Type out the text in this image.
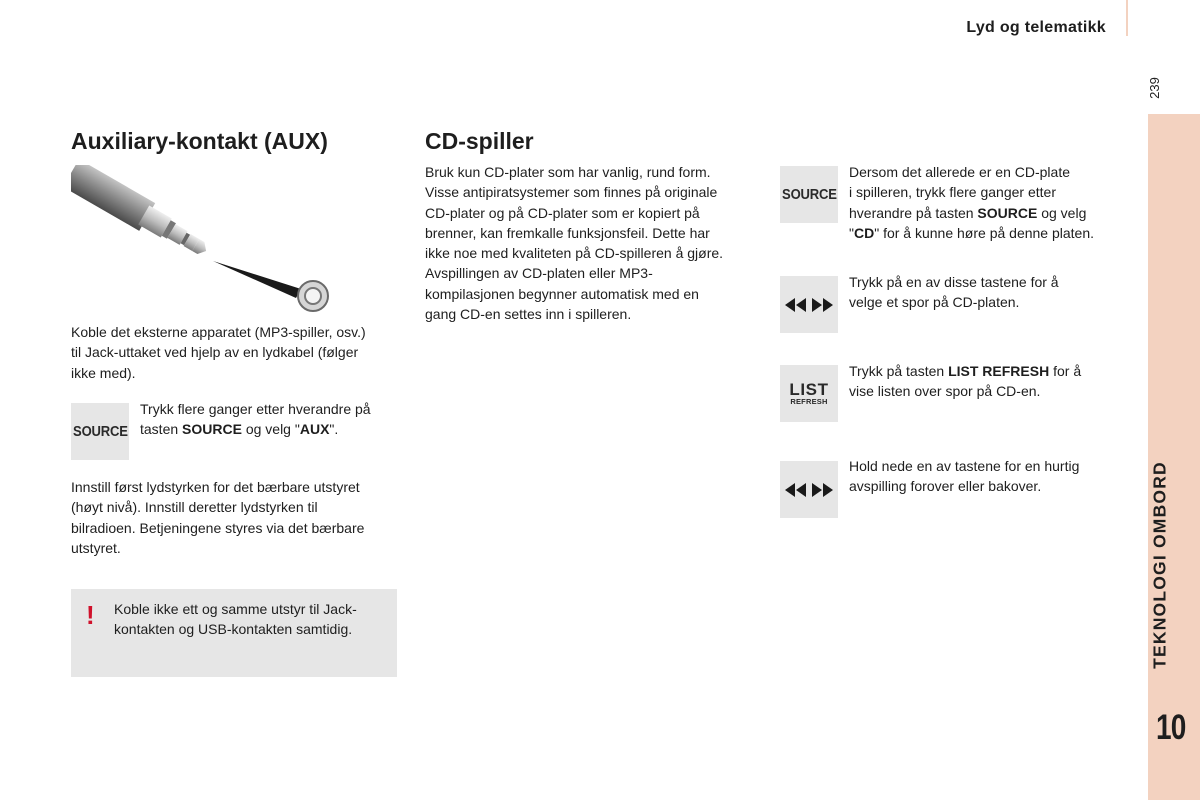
Lyd og telematikk
239
TEKNOLOGI OMBORD
10
Auxiliary-kontakt (AUX)

Koble det eksterne apparatet (MP3-spiller, osv.)

til Jack-uttaket ved hjelp av en lydkabel (følger

ikke med).

SOURCE

Trykk flere ganger etter hverandre på

tasten SOURCE og velg "AUX".

Innstill først lydstyrken for det bærbare utstyret

(høyt nivå). Innstill deretter lydstyrken til

bilradioen. Betjeningene styres via det bærbare

utstyret.

! Koble ikke ett og samme utstyr til Jack-

kontakten og USB-kontakten samtidig.

CD-spiller

Bruk kun CD-plater som har vanlig, rund form.

Visse antipiratsystemer som finnes på originale

CD-plater og på CD-plater som er kopiert på

brenner, kan fremkalle funksjonsfeil. Dette har

ikke noe med kvaliteten på CD-spilleren å gjøre.

Avspillingen av CD-platen eller MP3-

kompilasjonen begynner automatisk med en

gang CD-en settes inn i spilleren.

SOURCE

Dersom det allerede er en CD-plate

i spilleren, trykk flere ganger etter

hverandre på tasten SOURCE og velg

"CD" for å kunne høre på denne platen.

Trykk på en av disse tastene for å

velge et spor på CD-platen.

LIST
REFRESH

Trykk på tasten LIST REFRESH for å

vise listen over spor på CD-en.

Hold nede en av tastene for en hurtig

avspilling forover eller bakover.
